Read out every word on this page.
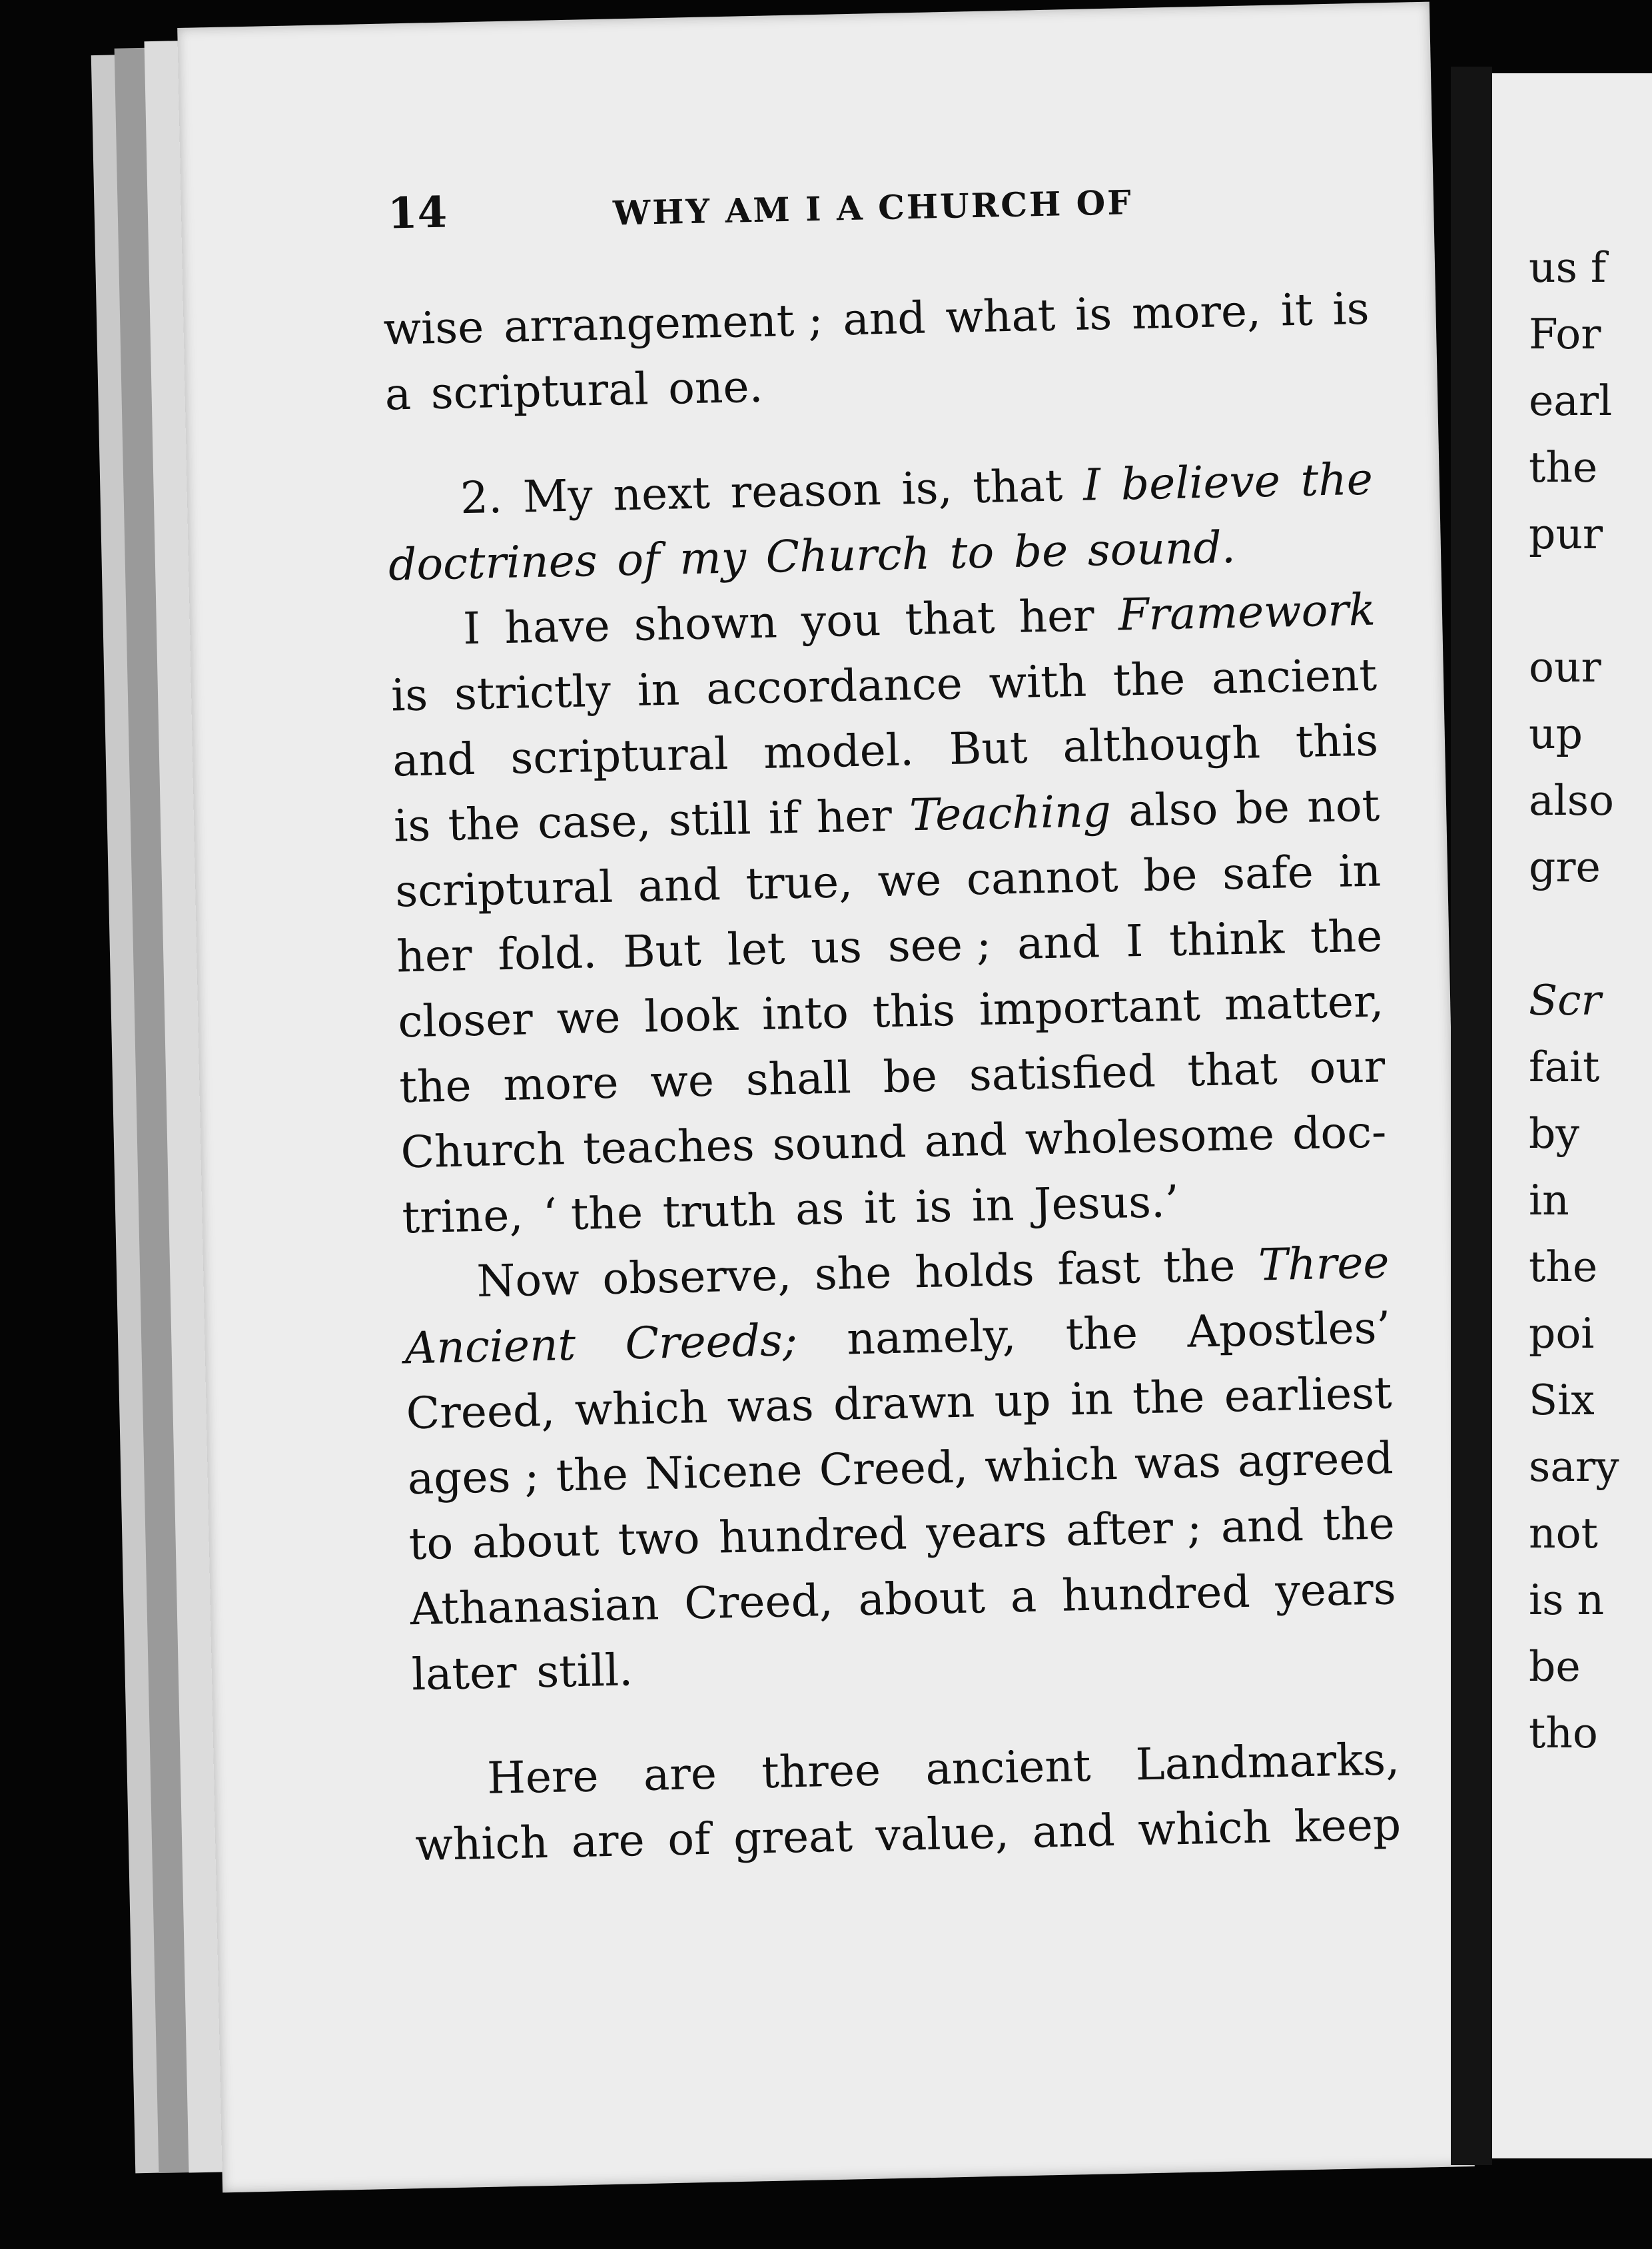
us f
For
earl
the
pur
our
up
also
gre
Scr
fait
by
in
the
poi
Six
sary
not
is n
be
tho
14	WHY AM I A CHURCH OF
wise arrangement ; and what is more, it is
a scriptural one.
2. My next reason is, that I believe the
doctrines of my Church to be sound.
I have shown you that her Framework
is strictly in accordance with the ancient
and scriptural model. But although this
is the case, still if her Teaching also be not
scriptural and true, we cannot be safe in
her fold. But let us see ; and I think the
closer we look into this important matter,
the more we shall be satisfied that our
Church teaches sound and wholesome doc-
trine, ‘ the truth as it is in Jesus.’
Now observe, she holds fast the Three
Ancient Creeds; namely, the Apostles’
Creed, which was drawn up in the earliest
ages ; the Nicene Creed, which was agreed
to about two hundred years after ; and the
Athanasian Creed, about a hundred years
later still.
Here are three ancient Landmarks,
which are of great value, and which keep
